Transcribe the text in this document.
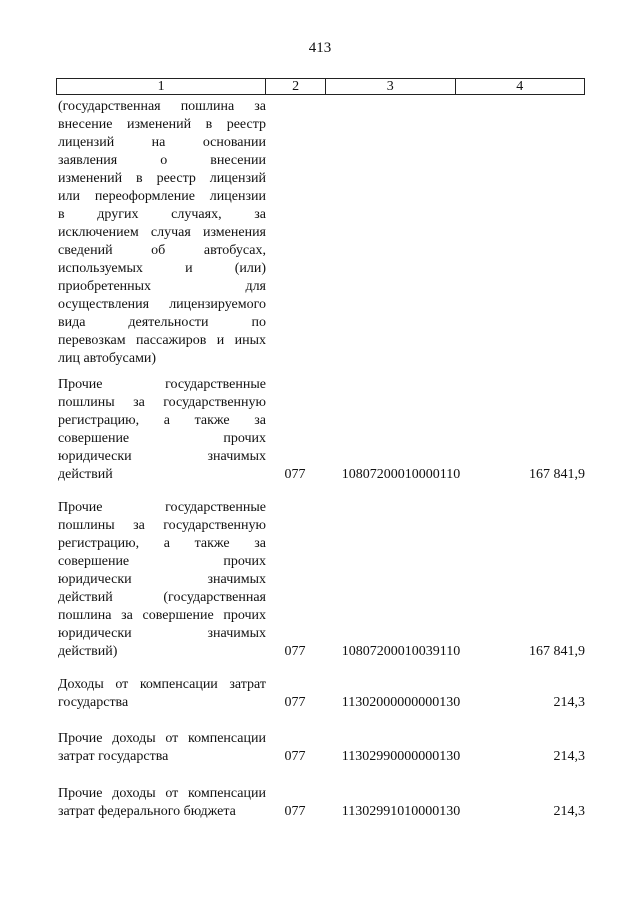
413
1	2	3	4
(государственная пошлина за
внесение изменений в реестр
лицензий на основании
заявления о внесении
изменений в реестр лицензий
или переоформление лицензии
в других случаях, за
исключением случая изменения
сведений об автобусах,
используемых и (или)
приобретенных для
осуществления лицензируемого
вида деятельности по
перевозкам пассажиров и иных
лиц автобусами)
Прочие государственные
пошлины за государственную
регистрацию, а также за
совершение прочих
юридически значимых
действий	077	10807200010000110	167 841,9
Прочие государственные
пошлины за государственную
регистрацию, а также за
совершение прочих
юридически значимых
действий (государственная
пошлина за совершение прочих
юридически значимых
действий)	077	10807200010039110	167 841,9
Доходы от компенсации затрат
государства	077	11302000000000130	214,3
Прочие доходы от компенсации
затрат государства	077	11302990000000130	214,3
Прочие доходы от компенсации
затрат федерального бюджета	077	11302991010000130	214,3
